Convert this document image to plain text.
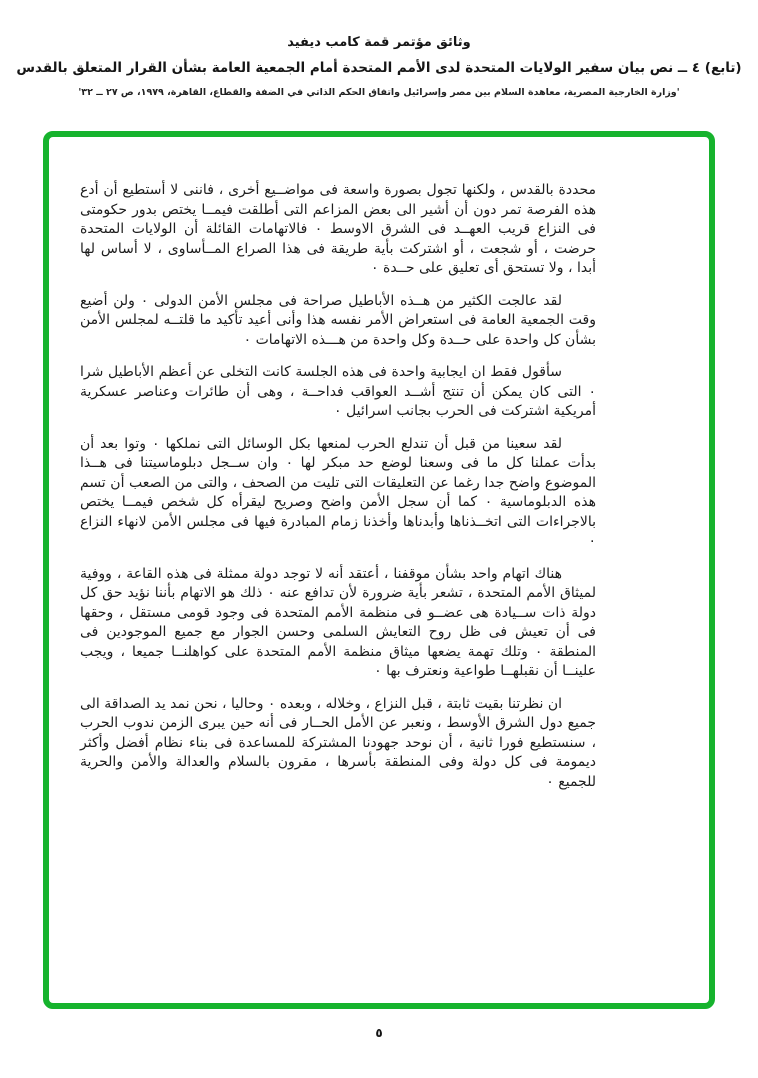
وثائق مؤتمر قمة كامب ديفيد
(تابع) ٤ ــ نص بيان سفير الولايات المتحدة لدى الأمم المتحدة أمام الجمعية العامة بشأن القرار المتعلق بالقدس
'وزارة الخارجية المصرية، معاهدة السلام بين مصر وإسرائيل واتفاق الحكم الذاتي في الضفة والقطاع، القاهرة، ١٩٧٩، ص ٢٧ ــ ٣٢'

محددة بالقدس ، ولكنها تجول بصورة واسعة فى مواضــيع أخرى ، فاننى لا أستطيع أن أدع هذه الفرصة تمر دون أن أشير الى بعض المزاعم التى أطلقت فيمــا يختص بدور حكومتى فى النزاع قريب العهــد فى الشرق الاوسط ٠ فالاتهامات القائلة أن الولايات المتحدة حرضت ، أو شجعت ، أو اشتركت بأية طريقة فى هذا الصراع المــأساوى ، لا أساس لها أبدا ، ولا تستحق أى تعليق على حــدة ٠

لقد عالجت الكثير من هــذه الأباطيل صراحة فى مجلس الأمن الدولى ٠ ولن أضيع وقت الجمعية العامة فى استعراض الأمر نفسه هذا وأنى أعيد تأكيد ما قلتــه لمجلس الأمن بشأن كل واحدة على حــدة وكل واحدة من هـــذه الاتهامات ٠

سأقول فقط ان ايجابية واحدة فى هذه الجلسة كانت التخلى عن أعظم الأباطيل شرا ٠ التى كان يمكن أن تنتج أشــد العواقب فداحــة ، وهى أن طائرات وعناصر عسكرية أمريكية اشتركت فى الحرب بجانب اسرائيل ٠

لقد سعينا من قبل أن تندلع الحرب لمنعها بكل الوسائل التى نملكها ٠ وتوا بعد أن بدأت عملنا كل ما فى وسعنا لوضع حد مبكر لها ٠ وان ســجل دبلوماسيتنا فى هــذا الموضوع واضح جدا رغما عن التعليقات التى تليت من الصحف ، والتى من الصعب أن تسم هذه الدبلوماسية ٠ كما أن سجل الأمن واضح وصريح ليقرأه كل شخص فيمــا يختص بالاجراءات التى اتخــذناها وأبدناها وأخذنا زمام المبادرة فيها فى مجلس الأمن لانهاء النزاع ٠

هناك اتهام واحد بشأن موقفنا ، أعتقد أنه لا توجد دولة ممثلة فى هذه القاعة ، ووفية لميثاق الأمم المتحدة ، تشعر بأية ضرورة لأن تدافع عنه ٠ ذلك هو الاتهام بأننا نؤيد حق كل دولة ذات ســيادة هى عضــو فى منظمة الأمم المتحدة فى وجود قومى مستقل ، وحقها فى أن تعيش فى ظل روح التعايش السلمى وحسن الجوار مع جميع الموجودين فى المنطقة ٠ وتلك تهمة يضعها ميثاق منظمة الأمم المتحدة على كواهلنــا جميعا ، ويجب علينــا أن نقبلهــا طواعية ونعترف بها ٠

ان نظرتنا بقيت ثابتة ، قبل النزاع ، وخلاله ، وبعده ٠ وحاليا ، نحن نمد يد الصداقة الى جميع دول الشرق الأوسط ، ونعبر عن الأمل الحــار فى أنه حين يبرى الزمن ندوب الحرب ، سنستطيع فورا ثانية ، أن نوحد جهودنا المشتركة للمساعدة فى بناء نظام أفضل وأكثر ديمومة فى كل دولة وفى المنطقة بأسرها ، مقرون بالسلام والعدالة والأمن والحرية للجميع ٠

٥
